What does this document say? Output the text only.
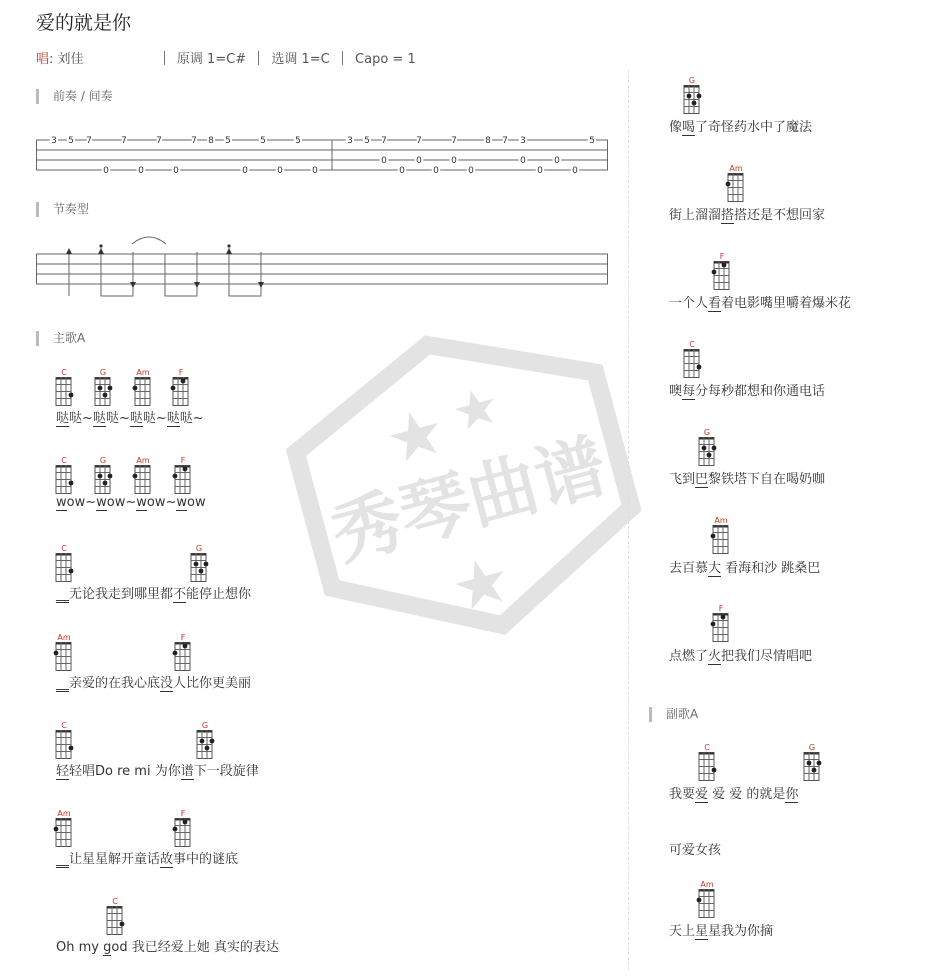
秀琴曲谱
爱的就是你
唱: 刘佳	原调 1=C# 选调 1=C Capo = 1
前奏 / 间奏
3 5 7	7	7	7 8 5	5	5
0	0	0	0	0	0
3 5 7	7	7	8 7 3	5
0	0	0	0	0
0	0	0	0	0
节奏型
主歌A
C	G	Am	F
哒哒~哒哒~哒哒~哒哒~
C	G	Am	F
wow~wow~wow~wow
C	G
__无论我走到哪里都不能停止想你
Am	F
__亲爱的在我心底没人比你更美丽
C	G
轻轻唱Do re mi 为你谱下一段旋律
Am	F
__让星星解开童话故事中的谜底
C
Oh my god 我已经爱上她 真实的表达
G
像喝了奇怪药水中了魔法
Am
街上溜溜搭搭还是不想回家
F
一个人看着电影嘴里嚼着爆米花
C
噢每分每秒都想和你通电话
G
飞到巴黎铁塔下自在喝奶咖
Am
去百慕大 看海和沙 跳桑巴
F
点燃了火把我们尽情唱吧
副歌A
C	G
我要爱 爱 爱 的就是你
可爱女孩
Am
天上星星我为你摘
